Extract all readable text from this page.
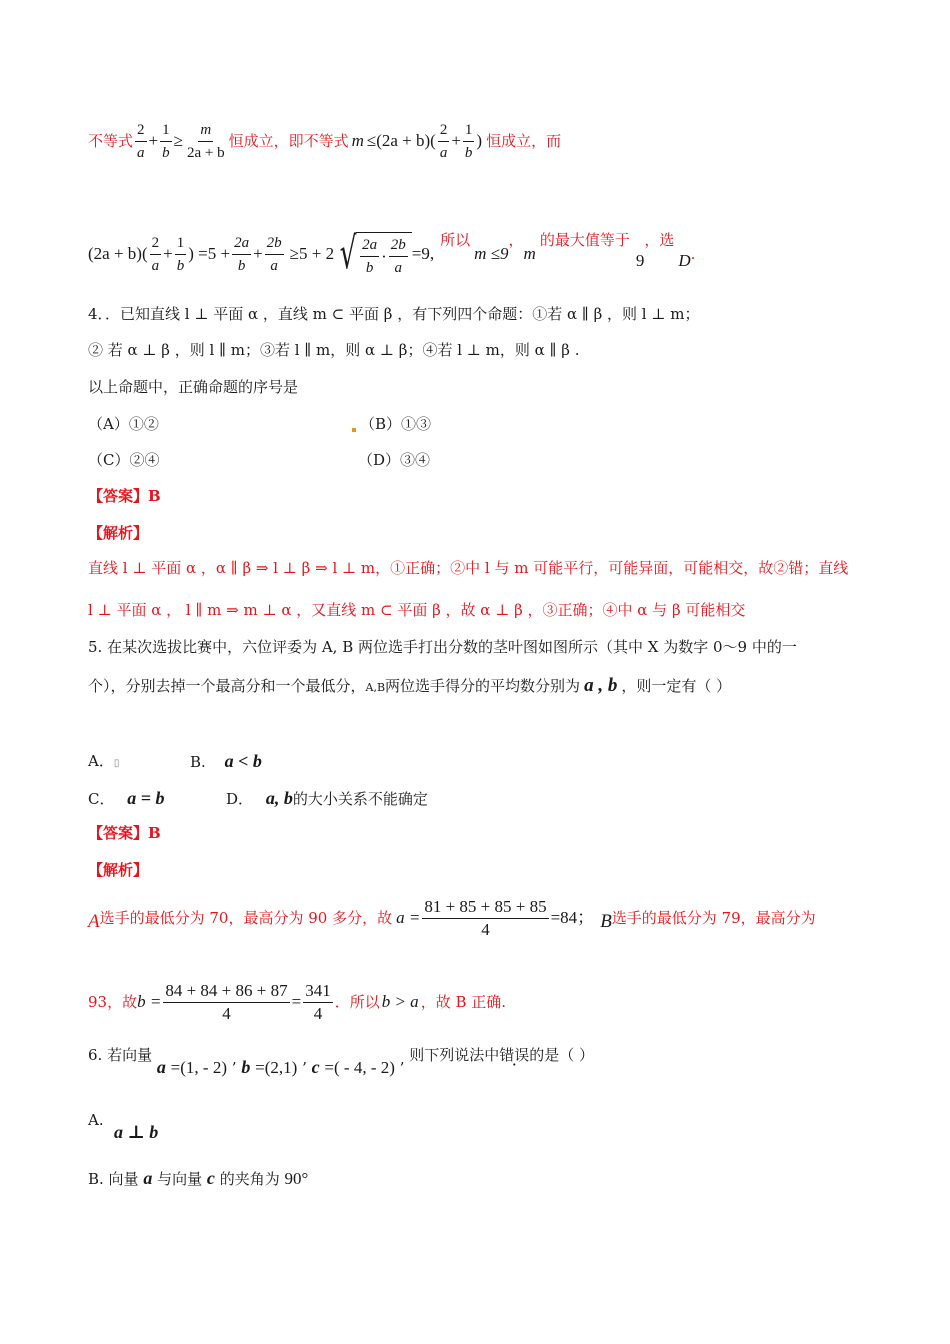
不等式 $\frac{2}{a} + \frac{1}{b} \ge \frac{m}{2a + b}$ 恒成立，即不等式 $m \le(2a + b)( \frac{2}{a} + \frac{1}{b}$ ) 恒成立，而
$(2a + b)( \frac{2}{a} + \frac{1}{b}$ ) $=5 + \frac{2a}{b} + \frac{2b}{a} \ge 5 + 2$ √ $\frac{2a}{b} \cdot \frac{2b}{a} =9$,
所以
m ≤9
，
m
的最大值等于
9
，选
D .
4．．已知直线 l ⊥ 平面 α ，直线 m ⊂ 平面 β ，有下列四个命题：①若 α ∥ β ，则 l ⊥ m；
② 若 α ⊥ β ，则 l ∥ m；③若 l ∥ m，则 α ⊥ β；④若 l ⊥ m，则 α ∥ β .
以上命题中，正确命题的序号是
（A）①②	（B）①③
（C）②④	（D）③④
【答案】B
【解析】
直线 l ⊥ 平面 α ，α ∥ β ⇒ l ⊥ β ⇒ l ⊥ m，①正确；②中 l 与 m 可能平行，可能异面，可能相交，故②错；直线
l ⊥ 平面 α ， l ∥ m ⇒ m ⊥ α ，又直线 m ⊂ 平面 β ，故 α ⊥ β ，③正确；④中 α 与 β 可能相交
5. 在某次选拔比赛中，六位评委为 A, B 两位选手打出分数的茎叶图如图所示（其中 X 为数字 0～9 中的一
个），分别去掉一个最高分和一个最低分，A,B两位选手得分的平均数分别为 a , b ，则一定有（ ）
A．▯	B. a < b
C． a = b	D． a, b的大小关系不能确定
【答案】B
【解析】
A 选手的最低分为 70，最高分为 90 多分，故 $a = \frac{81 + 85 + 85 + 85}{4} =84$； B 选手的最低分为 79，最高分为
93，故 $b = \frac{84 + 84 + 86 + 87}{4} = \frac{341}{4}$ ．所以 b > a ，故 B 正确.
6. 若向量 a =(1, - 2) ’ b =(2,1) ’ c =( - 4, - 2) ’ 则下列说法中错误的是（ ）
A.
a ⊥ b
B. 向量 a 与向量 c 的夹角为 90°
